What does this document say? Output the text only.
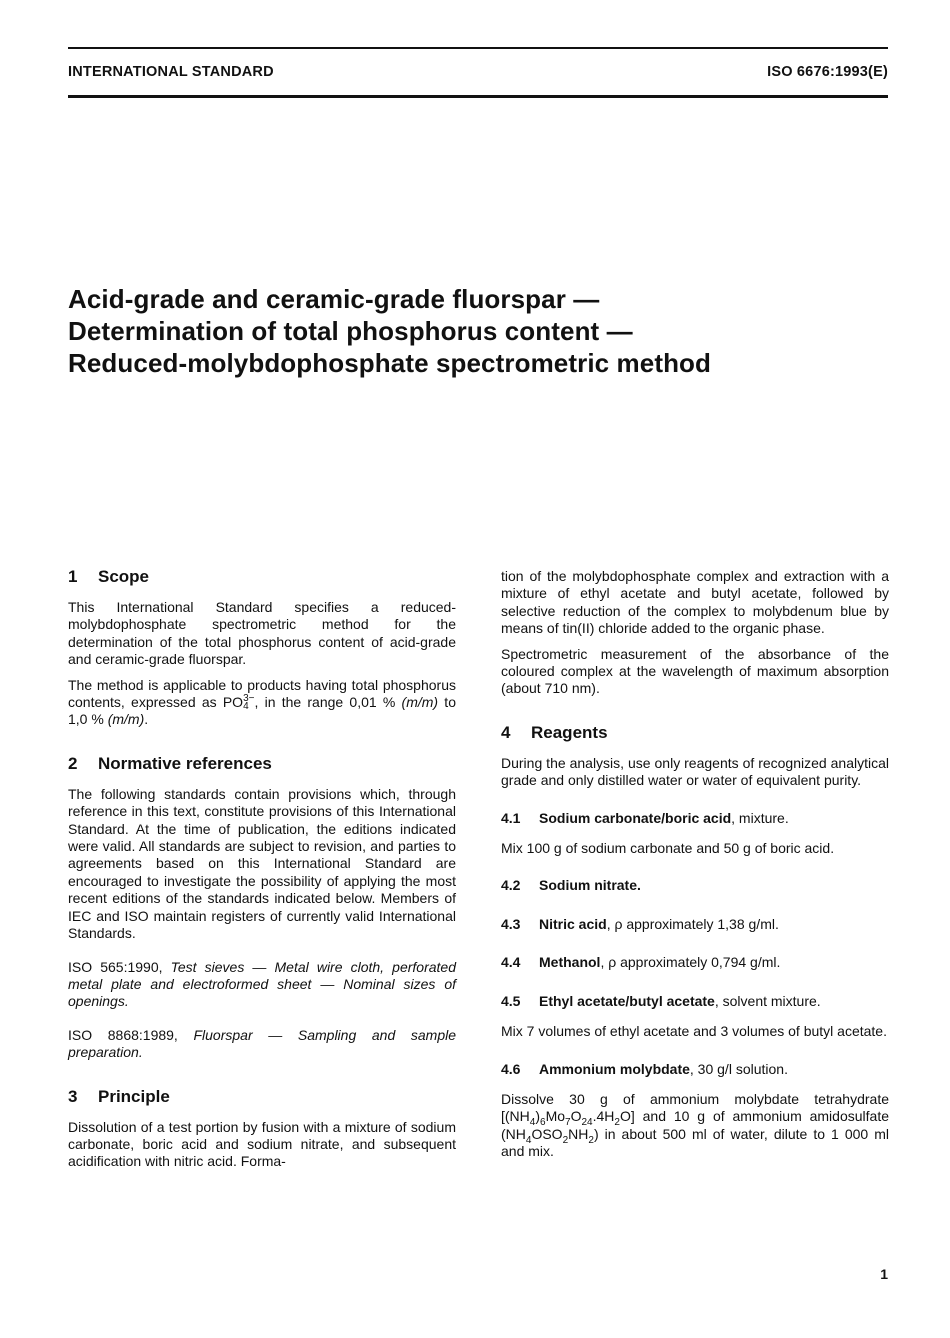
INTERNATIONAL STANDARD	ISO 6676:1993(E)
Acid-grade and ceramic-grade fluorspar —
Determination of total phosphorus content —
Reduced-molybdophosphate spectrometric method
1 Scope

This International Standard specifies a reduced-molybdophosphate spectrometric method for the determination of the total phosphorus content of acid-grade and ceramic-grade fluorspar.

The method is applicable to products having total phosphorus contents, expressed as PO 3−
4 , in the range 0,01 % (m/m) to 1,0 % (m/m).

2 Normative references

The following standards contain provisions which, through reference in this text, constitute provisions of this International Standard. At the time of publication, the editions indicated were valid. All standards are subject to revision, and parties to agreements based on this International Standard are encouraged to investigate the possibility of applying the most recent editions of the standards indicated below. Members of IEC and ISO maintain registers of currently valid International Standards.

ISO 565:1990, Test sieves — Metal wire cloth, perforated metal plate and electroformed sheet — Nominal sizes of openings.

ISO 8868:1989, Fluorspar — Sampling and sample preparation.

3 Principle

Dissolution of a test portion by fusion with a mixture of sodium carbonate, boric acid and sodium nitrate, and subsequent acidification with nitric acid. Forma-

tion of the molybdophosphate complex and extraction with a mixture of ethyl acetate and butyl acetate, followed by selective reduction of the complex to molybdenum blue by means of tin(II) chloride added to the organic phase.

Spectrometric measurement of the absorbance of the coloured complex at the wavelength of maximum absorption (about 710 nm).

4 Reagents

During the analysis, use only reagents of recognized analytical grade and only distilled water or water of equivalent purity.

4.1 Sodium carbonate/boric acid, mixture.

Mix 100 g of sodium carbonate and 50 g of boric acid.

4.2 Sodium nitrate.

4.3 Nitric acid, ρ approximately 1,38 g/ml.

4.4 Methanol, ρ approximately 0,794 g/ml.

4.5 Ethyl acetate/butyl acetate, solvent mixture.

Mix 7 volumes of ethyl acetate and 3 volumes of butyl acetate.

4.6 Ammonium molybdate, 30 g/l solution.

Dissolve 30 g of ammonium molybdate tetrahydrate $[(NH_4)_6Mo_7O_{24}.4H_2O]$ and 10 g of ammonium amidosulfate $(NH_4OSO_2NH_2)$ in about 500 ml of water, dilute to 1 000 ml and mix.

1
